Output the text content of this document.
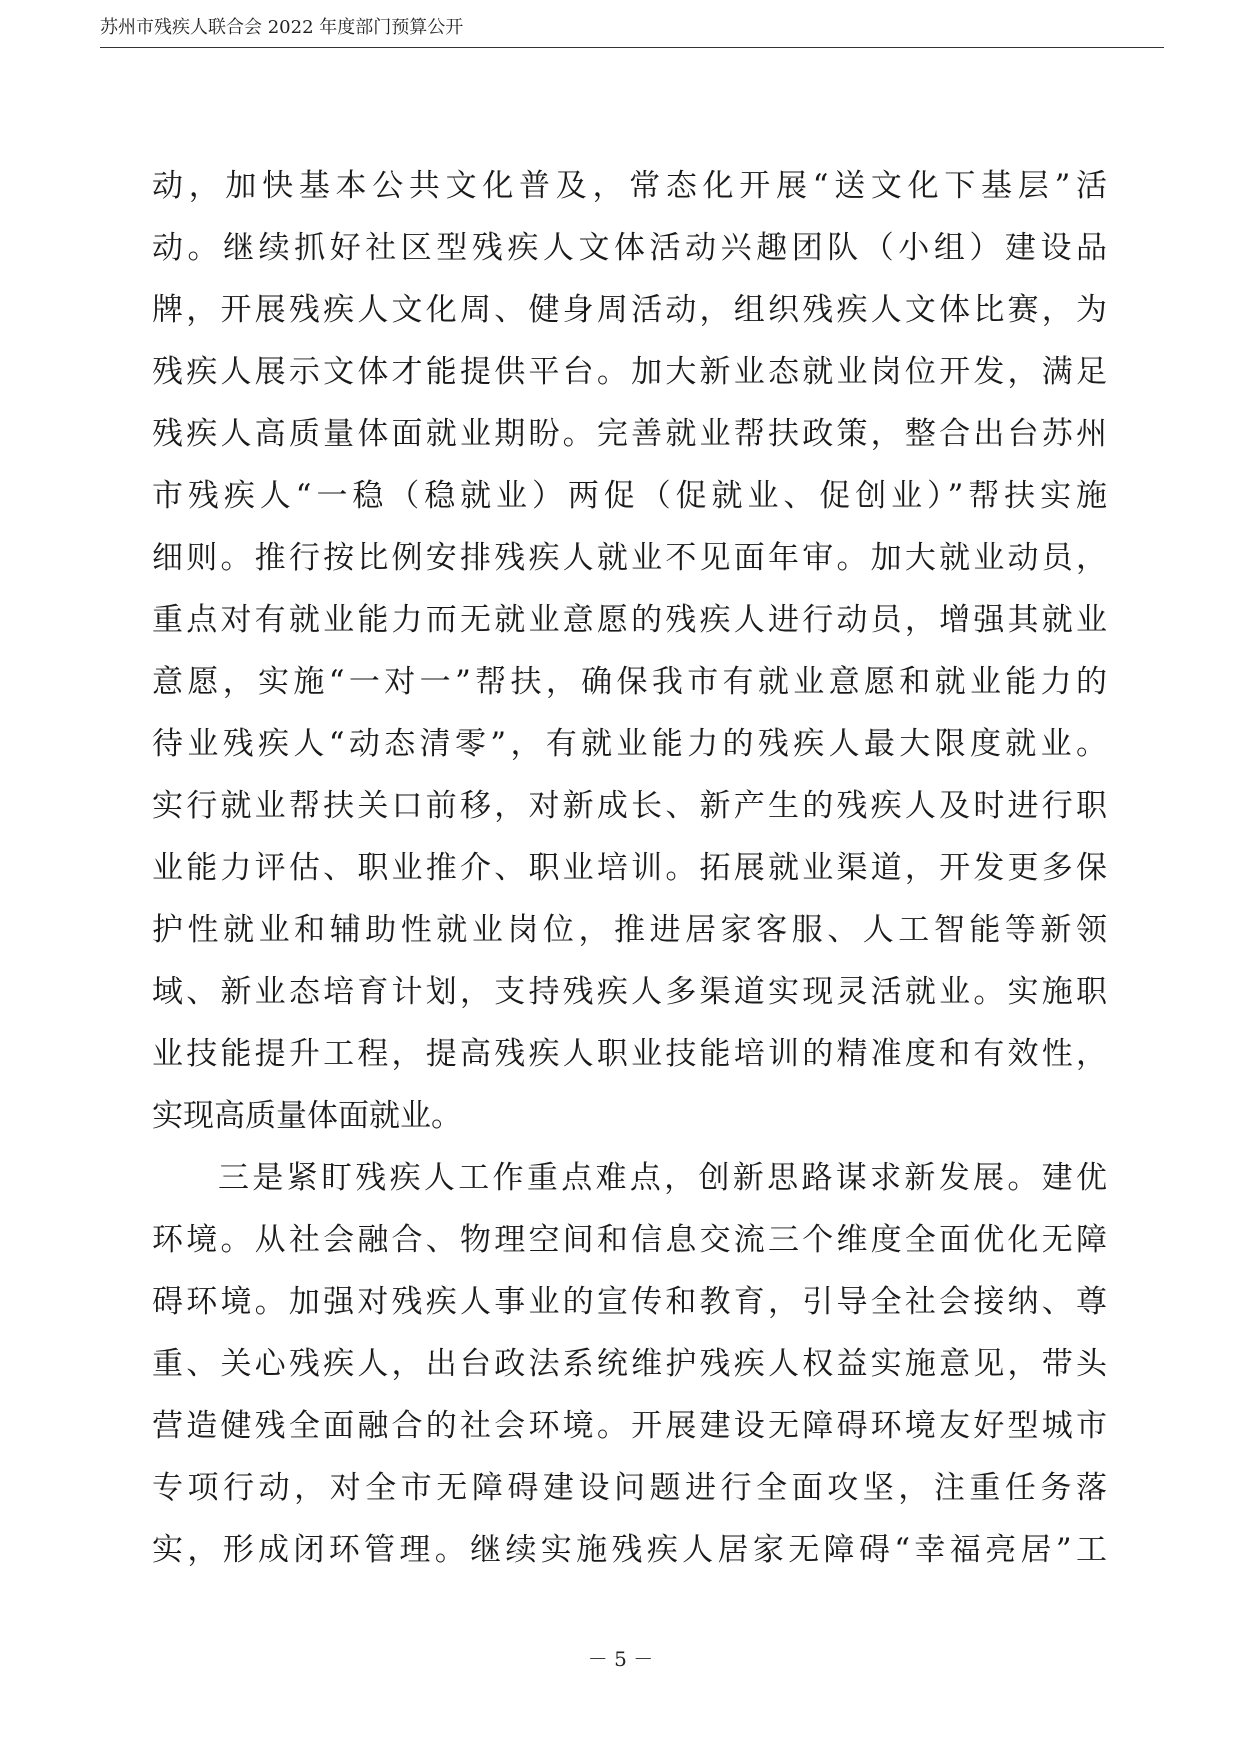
苏州市残疾人联合会 2022 年度部门预算公开
动，加快基本公共文化普及，常态化开展“送文化下基层”活
动。继续抓好社区型残疾人文体活动兴趣团队（小组）建设品
牌，开展残疾人文化周、健身周活动，组织残疾人文体比赛，为
残疾人展示文体才能提供平台。加大新业态就业岗位开发，满足
残疾人高质量体面就业期盼。完善就业帮扶政策，整合出台苏州
市残疾人“一稳（稳就业）两促（促就业、促创业）”帮扶实施
细则。推行按比例安排残疾人就业不见面年审。加大就业动员，
重点对有就业能力而无就业意愿的残疾人进行动员，增强其就业
意愿，实施“一对一”帮扶，确保我市有就业意愿和就业能力的
待业残疾人“动态清零”，有就业能力的残疾人最大限度就业。
实行就业帮扶关口前移，对新成长、新产生的残疾人及时进行职
业能力评估、职业推介、职业培训。拓展就业渠道，开发更多保
护性就业和辅助性就业岗位，推进居家客服、人工智能等新领
域、新业态培育计划，支持残疾人多渠道实现灵活就业。实施职
业技能提升工程，提高残疾人职业技能培训的精准度和有效性，
实现高质量体面就业。
三是紧盯残疾人工作重点难点，创新思路谋求新发展。建优
环境。从社会融合、物理空间和信息交流三个维度全面优化无障
碍环境。加强对残疾人事业的宣传和教育，引导全社会接纳、尊
重、关心残疾人，出台政法系统维护残疾人权益实施意见，带头
营造健残全面融合的社会环境。开展建设无障碍环境友好型城市
专项行动，对全市无障碍建设问题进行全面攻坚，注重任务落
实，形成闭环管理。继续实施残疾人居家无障碍“幸福亮居”工
－ 5 －
